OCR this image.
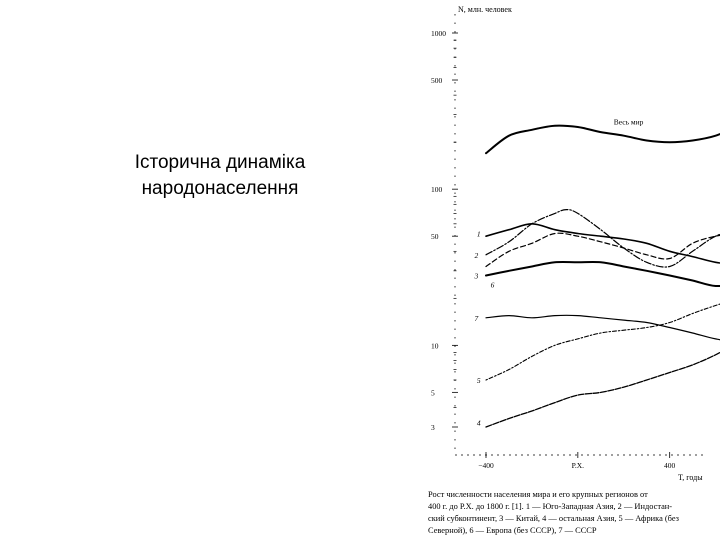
Історична динаміка
народонаселення
1000
500
100
50
10
5
3
−400	Р.Х.	400
N, млн. человек
T, годы
Весь мир
1
2
3
4
5
6
7
Рост численности населения мира и его крупных регионов от
400 г. до Р.Х. до 1800 г. [1]. 1 — Юго-Западная Азия, 2 — Индостан-
ский субконтинент, 3 — Китай, 4 — остальная Азия, 5 — Африка (без
Северной), 6 — Европа (без СССР), 7 — СССР
